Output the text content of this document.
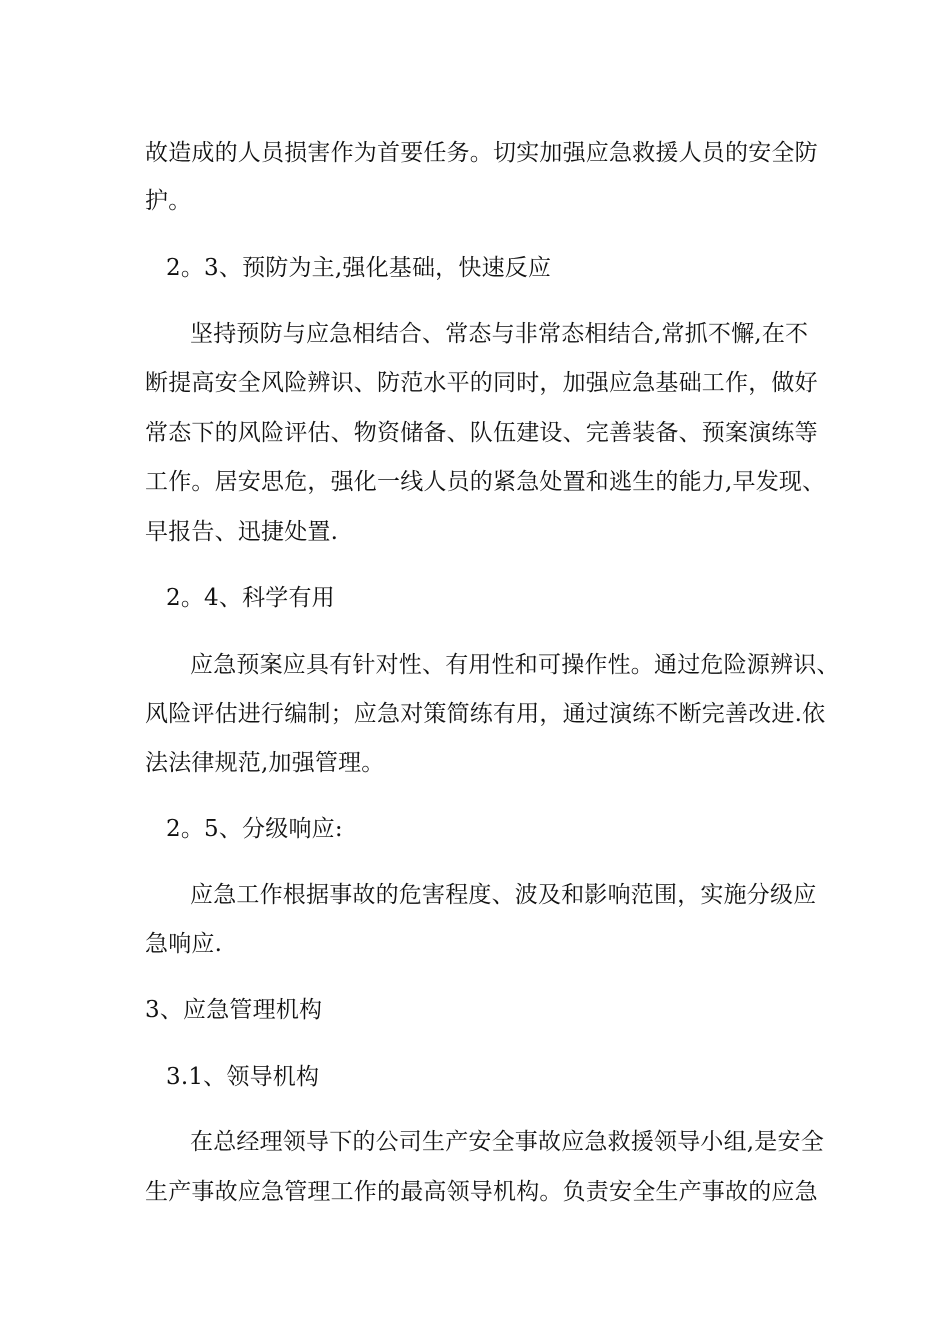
故造成的人员损害作为首要任务。切实加强应急救援人员的安全防
护。
2。3、预防为主,强化基础，快速反应
坚持预防与应急相结合、常态与非常态相结合,常抓不懈,在不
断提高安全风险辨识、防范水平的同时，加强应急基础工作，做好
常态下的风险评估、物资储备、队伍建设、完善装备、预案演练等
工作。居安思危，强化一线人员的紧急处置和逃生的能力,早发现、
早报告、迅捷处置.
2。4、科学有用
应急预案应具有针对性、有用性和可操作性。通过危险源辨识、
风险评估进行编制；应急对策简练有用，通过演练不断完善改进.依
法法律规范,加强管理。
2。5、分级响应:
应急工作根据事故的危害程度、波及和影响范围，实施分级应
急响应.
3、应急管理机构
3.1、领导机构
在总经理领导下的公司生产安全事故应急救援领导小组,是安全
生产事故应急管理工作的最高领导机构。负责安全生产事故的应急
